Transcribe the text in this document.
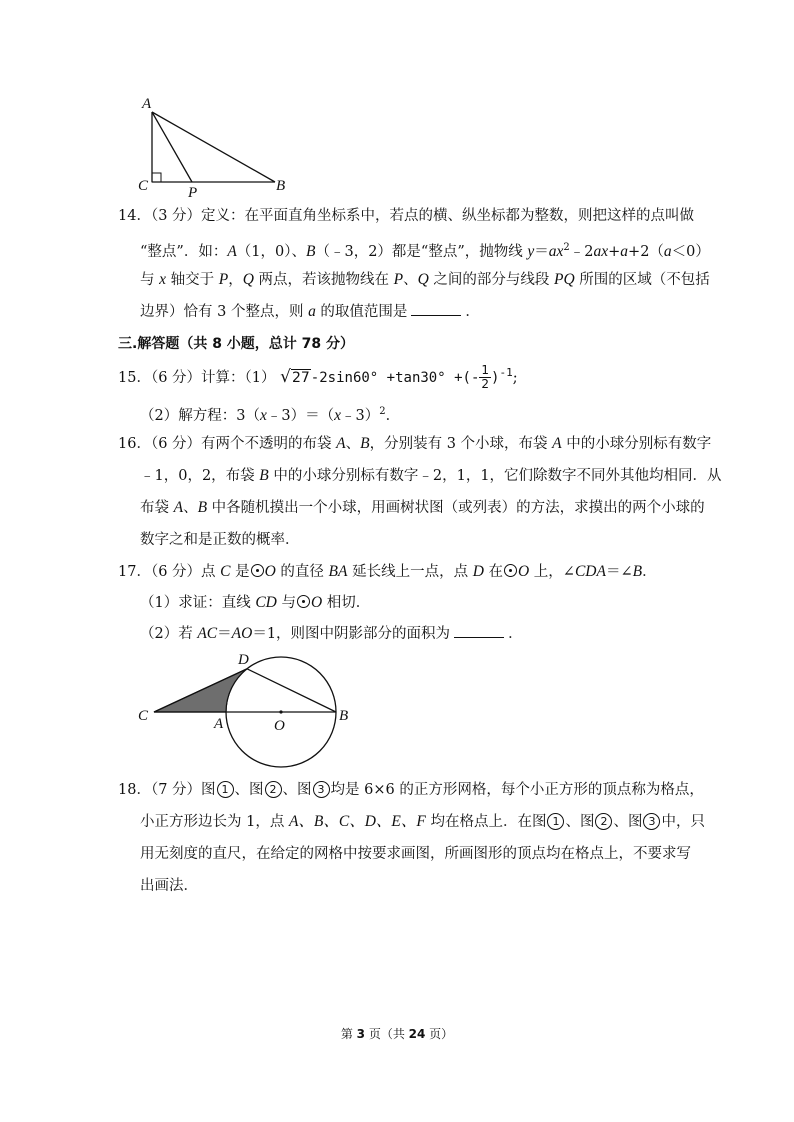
A
C	P	B
14．（3 分）定义：在平面直角坐标系中，若点的横、纵坐标都为整数，则把这样的点叫做
“整点”．如：A（1，0）、B（﹣3，2）都是“整点”，抛物线 $y=ax^2﹣2ax+a+2(a<0)$
与 x 轴交于 P，Q 两点，若该抛物线在 P、Q 之间的部分与线段 PQ 所围的区域（不包括
边界）恰有 3 个整点，则 a 的取值范围是	．
三.解答题（共 8 小题，总计 78 分）
15．（6 分）计算：（1） √27-2sin60° +tan30° +(- $\frac{1}{2} )^{-1}$;
（2）解方程：3（x﹣3）＝（x﹣3）$^2$．
16．（6 分）有两个不透明的布袋 A、B，分别装有 3 个小球，布袋 A 中的小球分别标有数字
﹣1，0，2，布袋 B 中的小球分别标有数字﹣2，1，1，它们除数字不同外其他均相同．从
布袋 A、B 中各随机摸出一个小球，用画树状图（或列表）的方法，求摸出的两个小球的
数字之和是正数的概率．
17．（6 分）点 C 是 O 的直径 BA 延长线上一点，点 D 在 O 上，∠CDA＝∠B．
（1）求证：直线 CD 与 O 相切．
（2）若 AC＝AO＝1，则图中阴影部分的面积为	．
C	A	O
B
D
18．（7 分）图 1 、图 2 、图 3 均是 6×6 的正方形网格，每个小正方形的顶点称为格点，
小正方形边长为 1，点 A、B、C、D、E、F 均在格点上．在图 1 、图 2 、图 3 中，只
用无刻度的直尺，在给定的网格中按要求画图，所画图形的顶点均在格点上，不要求写
出画法．
第 3 页（共 24 页）
